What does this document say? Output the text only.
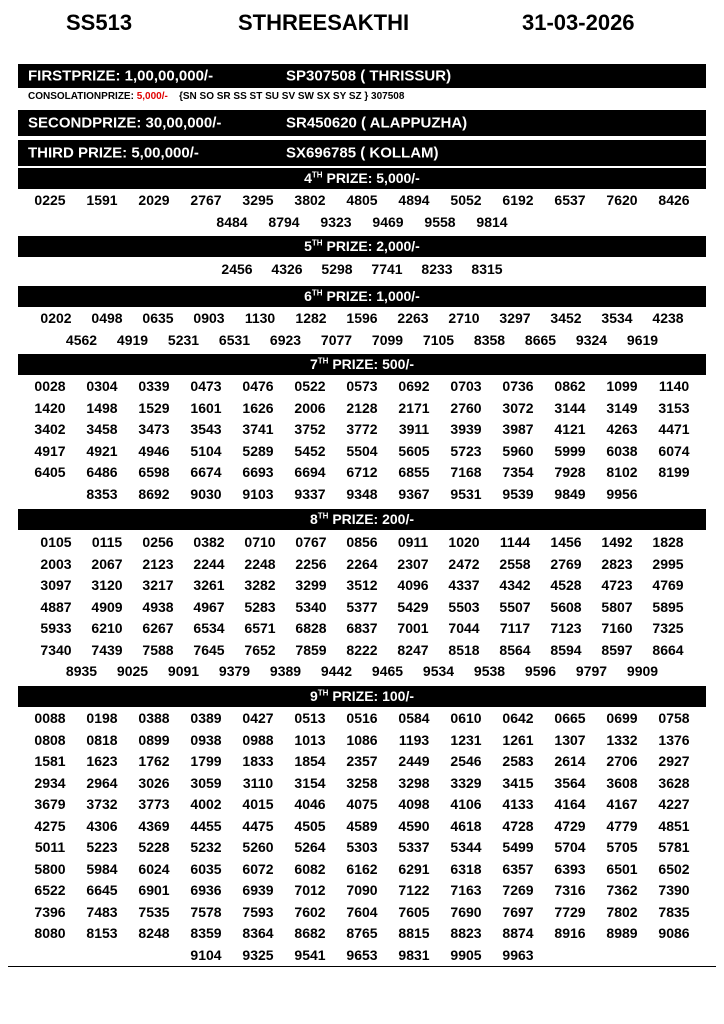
SS513	STHREESAKTHI	31-03-2026
FIRSTPRIZE: 1,00,00,000/-	SP307508 ( THRISSUR)
CONSOLATIONPRIZE: 5,000/- {SN SO SR SS ST SU SV SW SX SY SZ } 307508
SECONDPRIZE: 30,00,000/-	SR450620 ( ALAPPUZHA)
THIRD PRIZE: 5,00,000/-	SX696785 ( KOLLAM)
4TH PRIZE: 5,000/-
0225	1591	2029	2767	3295	3802	4805	4894	5052	6192	6537	7620	8426
8484	8794	9323	9469	9558	9814
5TH PRIZE: 2,000/-
2456	4326	5298	7741	8233	8315
6TH PRIZE: 1,000/-
0202	0498	0635	0903	1130	1282	1596	2263	2710	3297	3452	3534	4238
4562	4919	5231	6531	6923	7077	7099	7105	8358	8665	9324	9619
7TH PRIZE: 500/-
0028	0304	0339	0473	0476	0522	0573	0692	0703	0736	0862	1099	1140
1420	1498	1529	1601	1626	2006	2128	2171	2760	3072	3144	3149	3153
3402	3458	3473	3543	3741	3752	3772	3911	3939	3987	4121	4263	4471
4917	4921	4946	5104	5289	5452	5504	5605	5723	5960	5999	6038	6074
6405	6486	6598	6674	6693	6694	6712	6855	7168	7354	7928	8102	8199
8353	8692	9030	9103	9337	9348	9367	9531	9539	9849	9956
8TH PRIZE: 200/-
0105	0115	0256	0382	0710	0767	0856	0911	1020	1144	1456	1492	1828
2003	2067	2123	2244	2248	2256	2264	2307	2472	2558	2769	2823	2995
3097	3120	3217	3261	3282	3299	3512	4096	4337	4342	4528	4723	4769
4887	4909	4938	4967	5283	5340	5377	5429	5503	5507	5608	5807	5895
5933	6210	6267	6534	6571	6828	6837	7001	7044	7117	7123	7160	7325
7340	7439	7588	7645	7652	7859	8222	8247	8518	8564	8594	8597	8664
8935	9025	9091	9379	9389	9442	9465	9534	9538	9596	9797	9909
9TH PRIZE: 100/-
0088	0198	0388	0389	0427	0513	0516	0584	0610	0642	0665	0699	0758
0808	0818	0899	0938	0988	1013	1086	1193	1231	1261	1307	1332	1376
1581	1623	1762	1799	1833	1854	2357	2449	2546	2583	2614	2706	2927
2934	2964	3026	3059	3110	3154	3258	3298	3329	3415	3564	3608	3628
3679	3732	3773	4002	4015	4046	4075	4098	4106	4133	4164	4167	4227
4275	4306	4369	4455	4475	4505	4589	4590	4618	4728	4729	4779	4851
5011	5223	5228	5232	5260	5264	5303	5337	5344	5499	5704	5705	5781
5800	5984	6024	6035	6072	6082	6162	6291	6318	6357	6393	6501	6502
6522	6645	6901	6936	6939	7012	7090	7122	7163	7269	7316	7362	7390
7396	7483	7535	7578	7593	7602	7604	7605	7690	7697	7729	7802	7835
8080	8153	8248	8359	8364	8682	8765	8815	8823	8874	8916	8989	9086
9104	9325	9541	9653	9831	9905	9963
